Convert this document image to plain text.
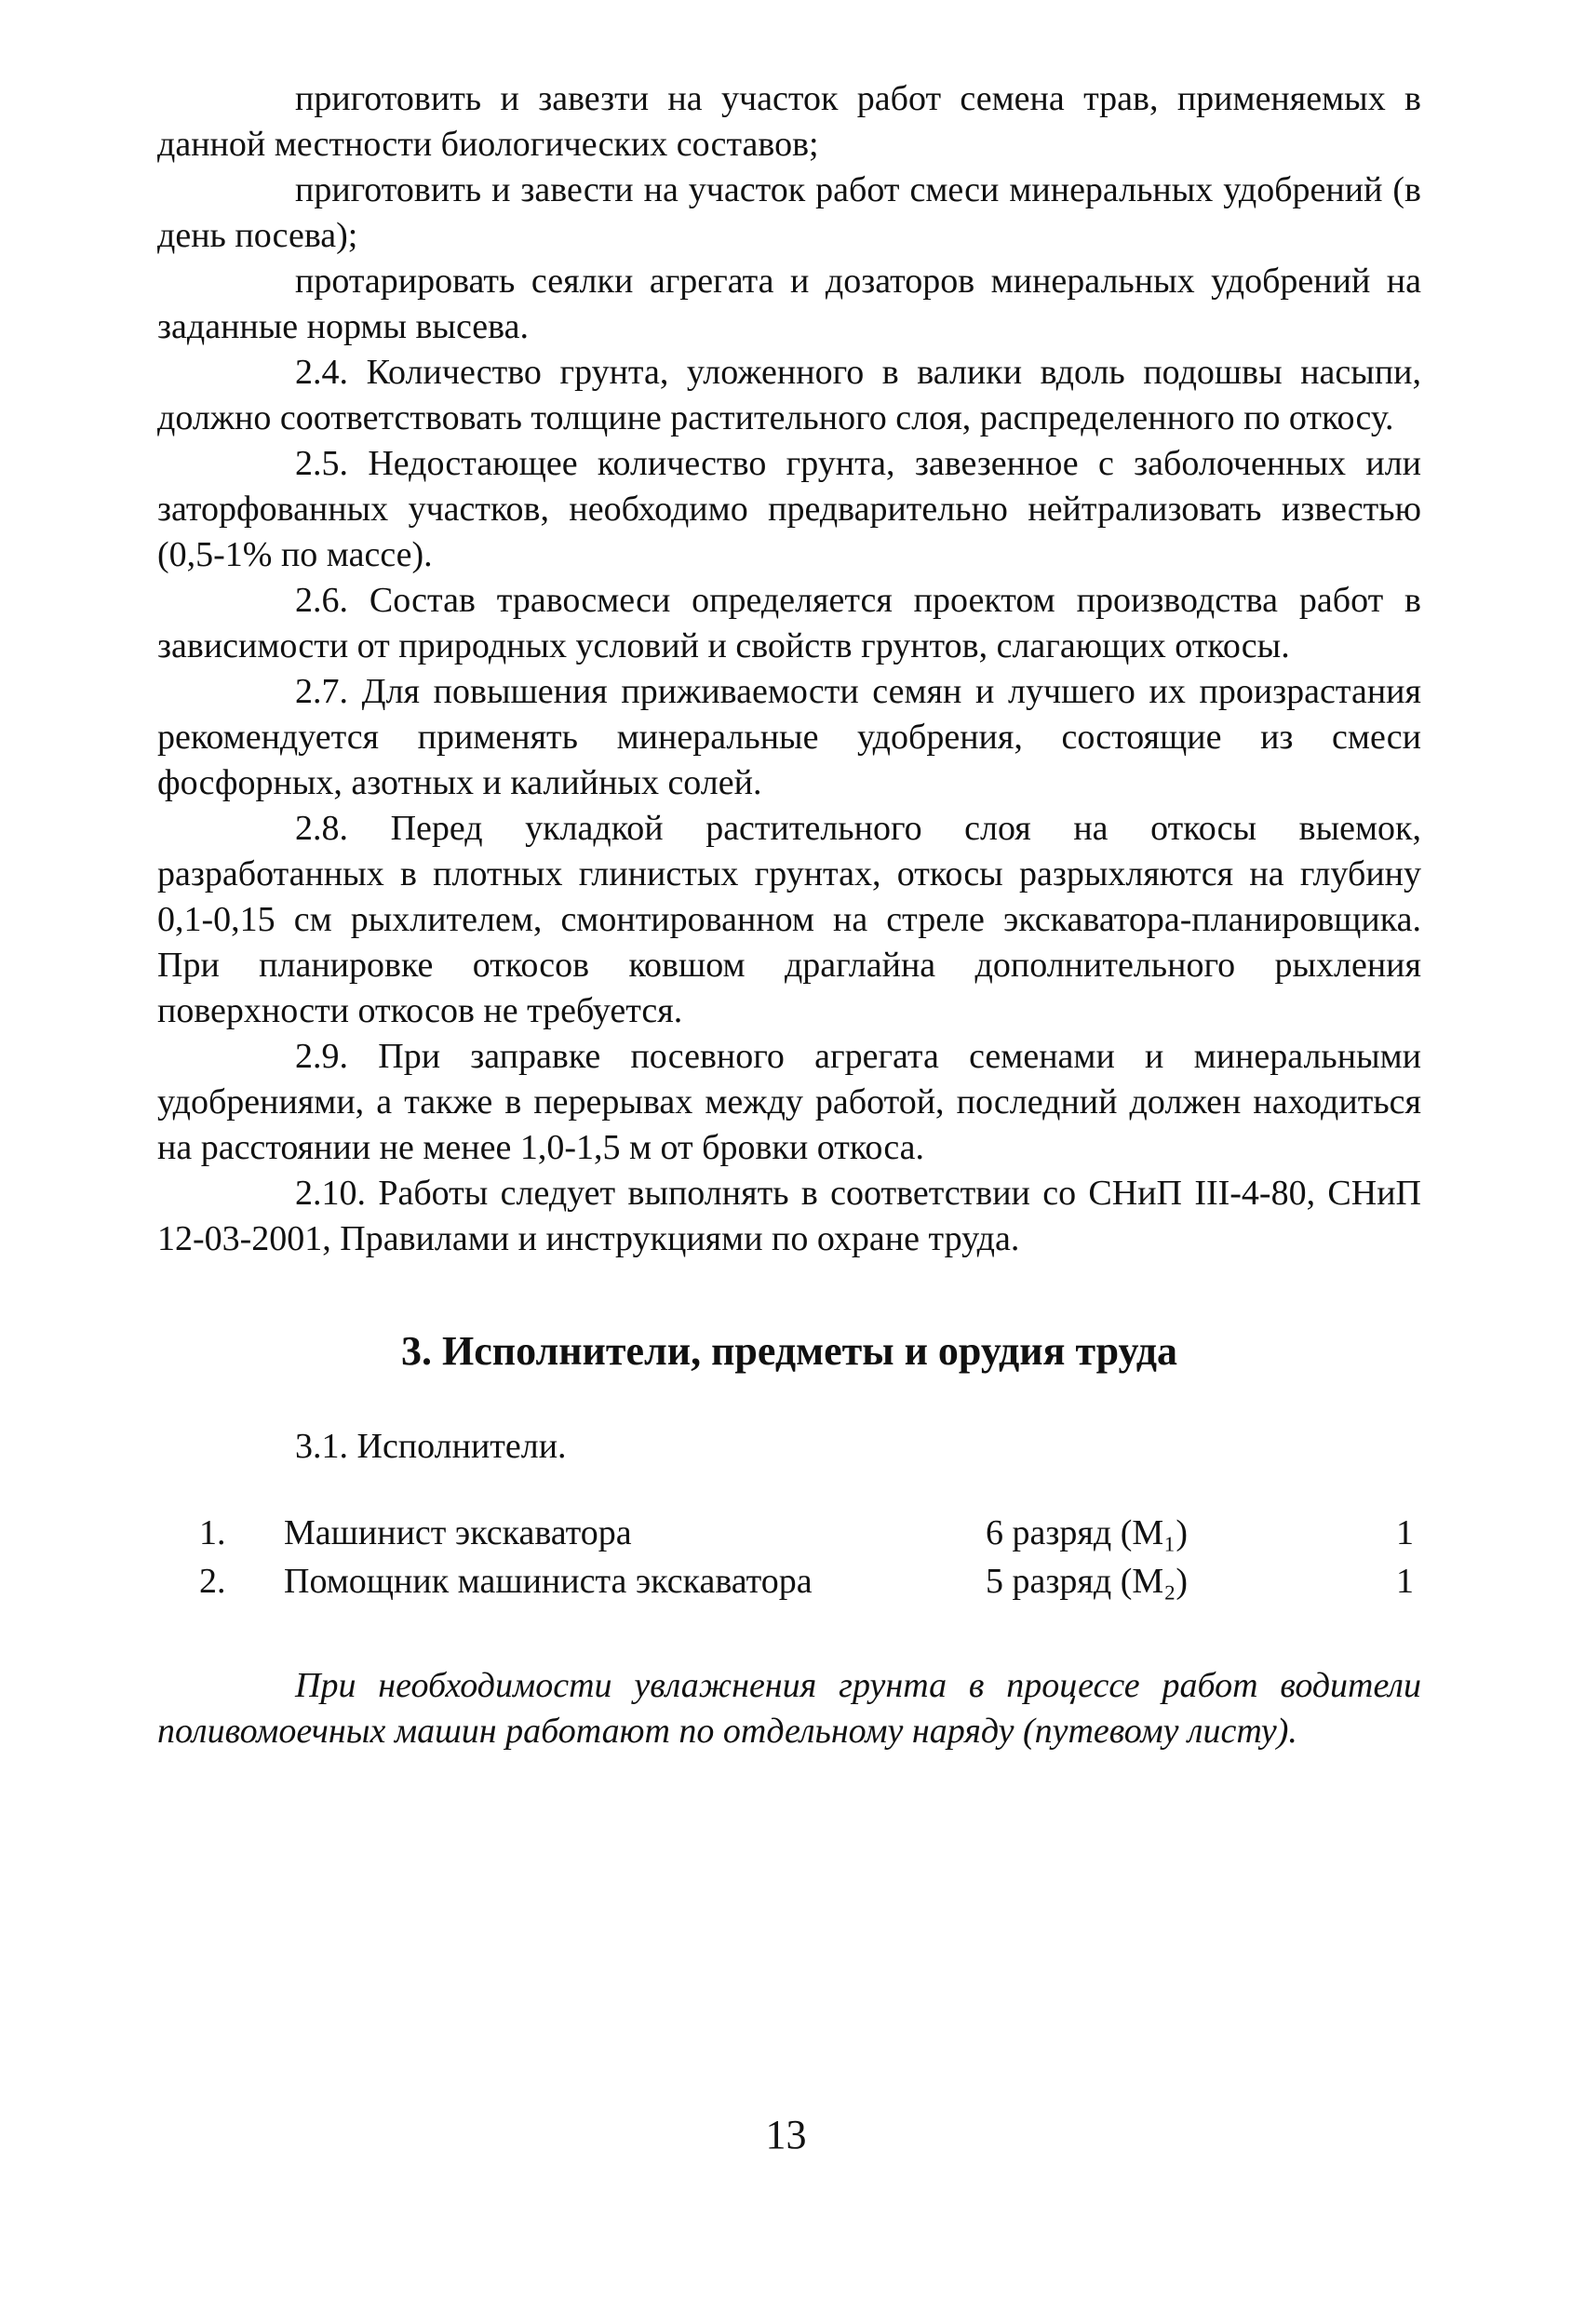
приготовить и завезти на участок работ семена трав, применяемых в данной местности биологических составов;

приготовить и завести на участок работ смеси минеральных удобрений (в день посева);

протарировать сеялки агрегата и дозаторов минеральных удобрений на заданные нормы высева.

2.4. Количество грунта, уложенного в валики вдоль подошвы насыпи, должно соответствовать толщине растительного слоя, распределенного по откосу.

2.5. Недостающее количество грунта, завезенное с заболоченных или заторфованных участков, необходимо предварительно нейтрализовать известью (0,5-1% по массе).

2.6. Состав травосмеси определяется проектом производства работ в зависимости от природных условий и свойств грунтов, слагающих откосы.

2.7. Для повышения приживаемости семян и лучшего их произрастания рекомендуется применять минеральные удобрения, состоящие из смеси фосфорных, азотных и калийных солей.

2.8. Перед укладкой растительного слоя на откосы выемок, разработанных в плотных глинистых грунтах, откосы разрыхляются на глубину 0,1-0,15 см рыхлителем, смонтированном на стреле экскаватора-планировщика. При планировке откосов ковшом драглайна дополнительного рыхления поверхности откосов не требуется.

2.9. При заправке посевного агрегата семенами и минеральными удобрениями, а также в перерывах между работой, последний должен находиться на расстоянии не менее 1,0-1,5 м от бровки откоса.

2.10. Работы следует выполнять в соответствии со СНиП III-4-80, СНиП 12-03-2001, Правилами и инструкциями по охране труда.

3. Исполнители, предметы и орудия труда

3.1. Исполнители.

1.	Машинист экскаватора	6 разряд (М₁)	1
2.	Помощник машиниста экскаватора	5 разряд (М₂)	1

При необходимости увлажнения грунта в процессе работ водители поливомоечных машин работают по отдельному наряду (путевому листу).

13
